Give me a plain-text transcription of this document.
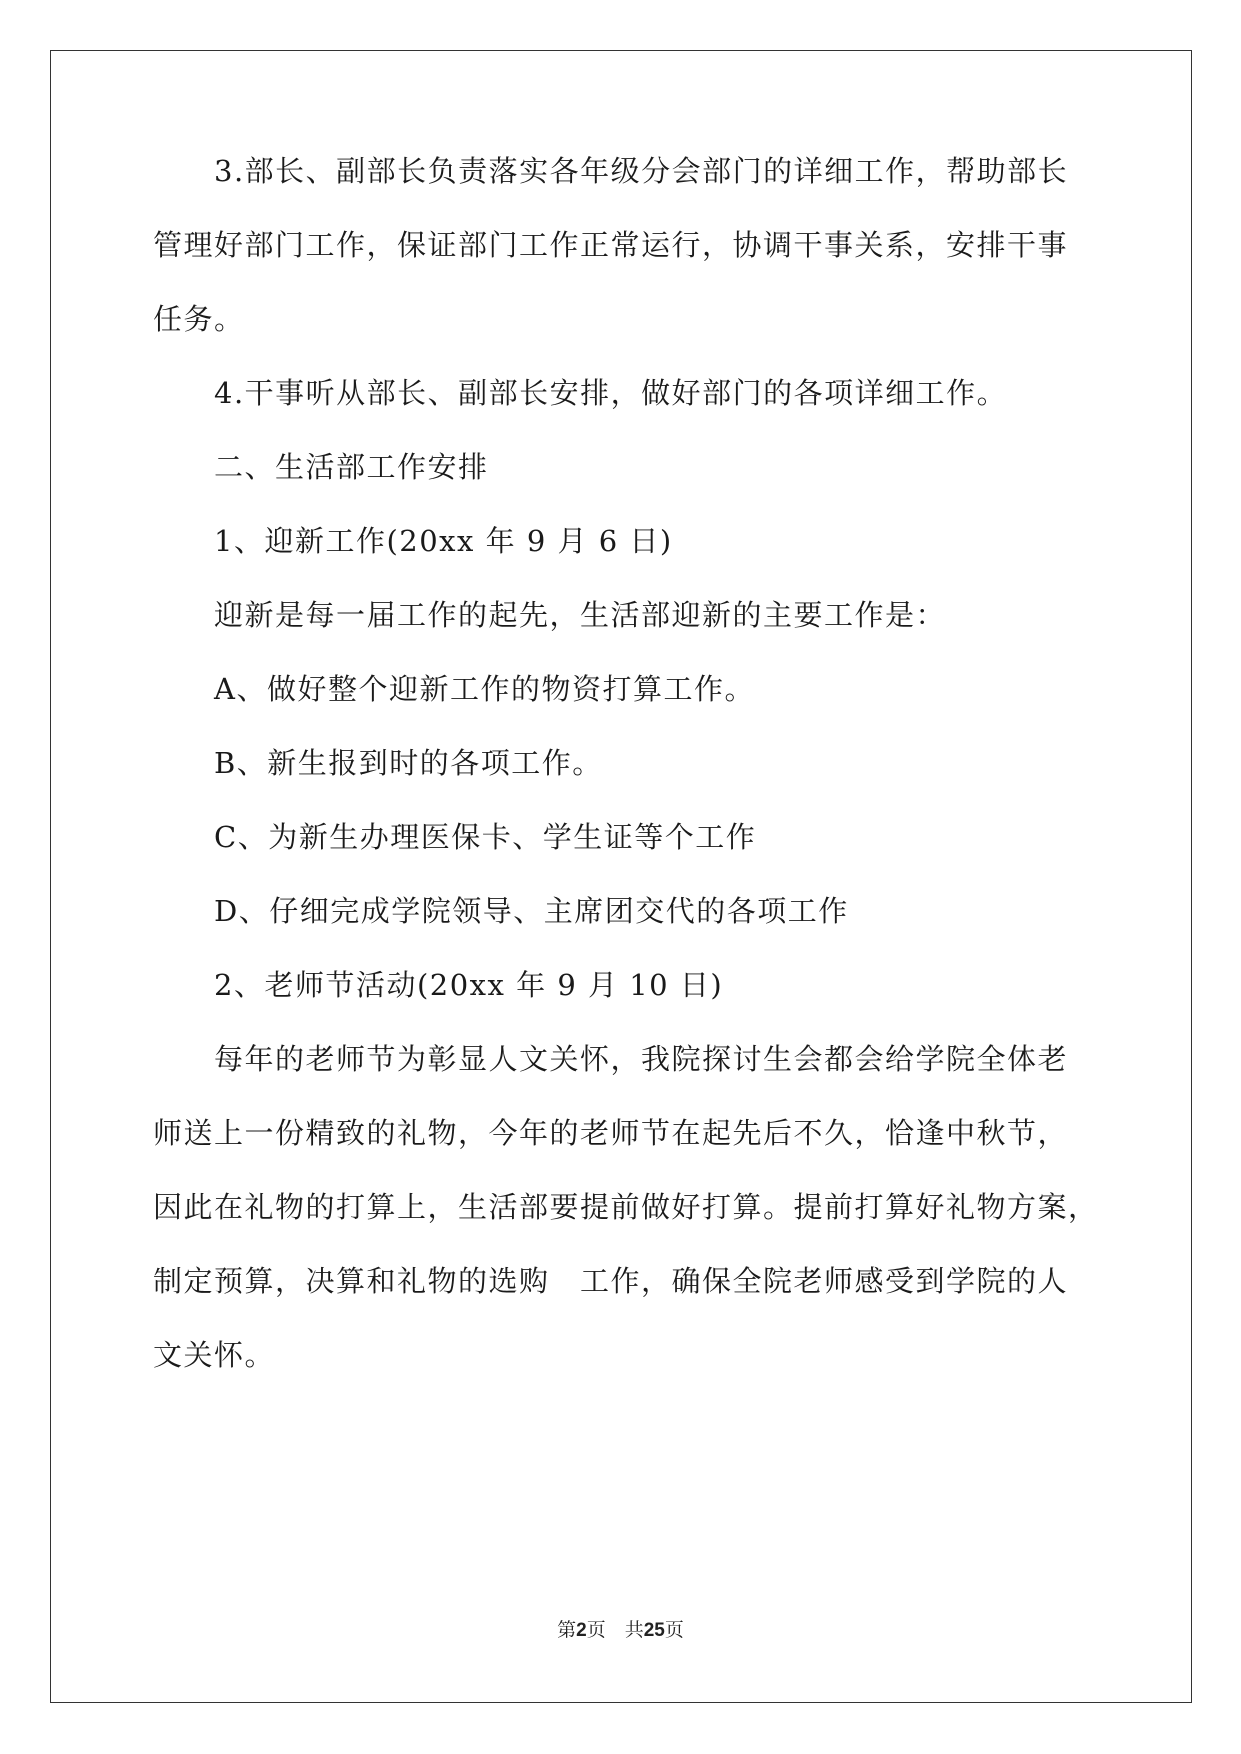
　　3.部长、副部长负责落实各年级分会部门的详细工作，帮助部长
管理好部门工作，保证部门工作正常运行，协调干事关系，安排干事
任务。
　　4.干事听从部长、副部长安排，做好部门的各项详细工作。
　　二、生活部工作安排
　　1、迎新工作(20xx 年 9 月 6 日)
　　迎新是每一届工作的起先，生活部迎新的主要工作是：
　　A、做好整个迎新工作的物资打算工作。
　　B、新生报到时的各项工作。
　　C、为新生办理医保卡、学生证等个工作
　　D、仔细完成学院领导、主席团交代的各项工作
　　2、老师节活动(20xx 年 9 月 10 日)
　　每年的老师节为彰显人文关怀，我院探讨生会都会给学院全体老
师送上一份精致的礼物，今年的老师节在起先后不久，恰逢中秋节，
因此在礼物的打算上，生活部要提前做好打算。提前打算好礼物方案，
制定预算，决算和礼物的选购　工作，确保全院老师感受到学院的人
文关怀。
第2页　共25页
